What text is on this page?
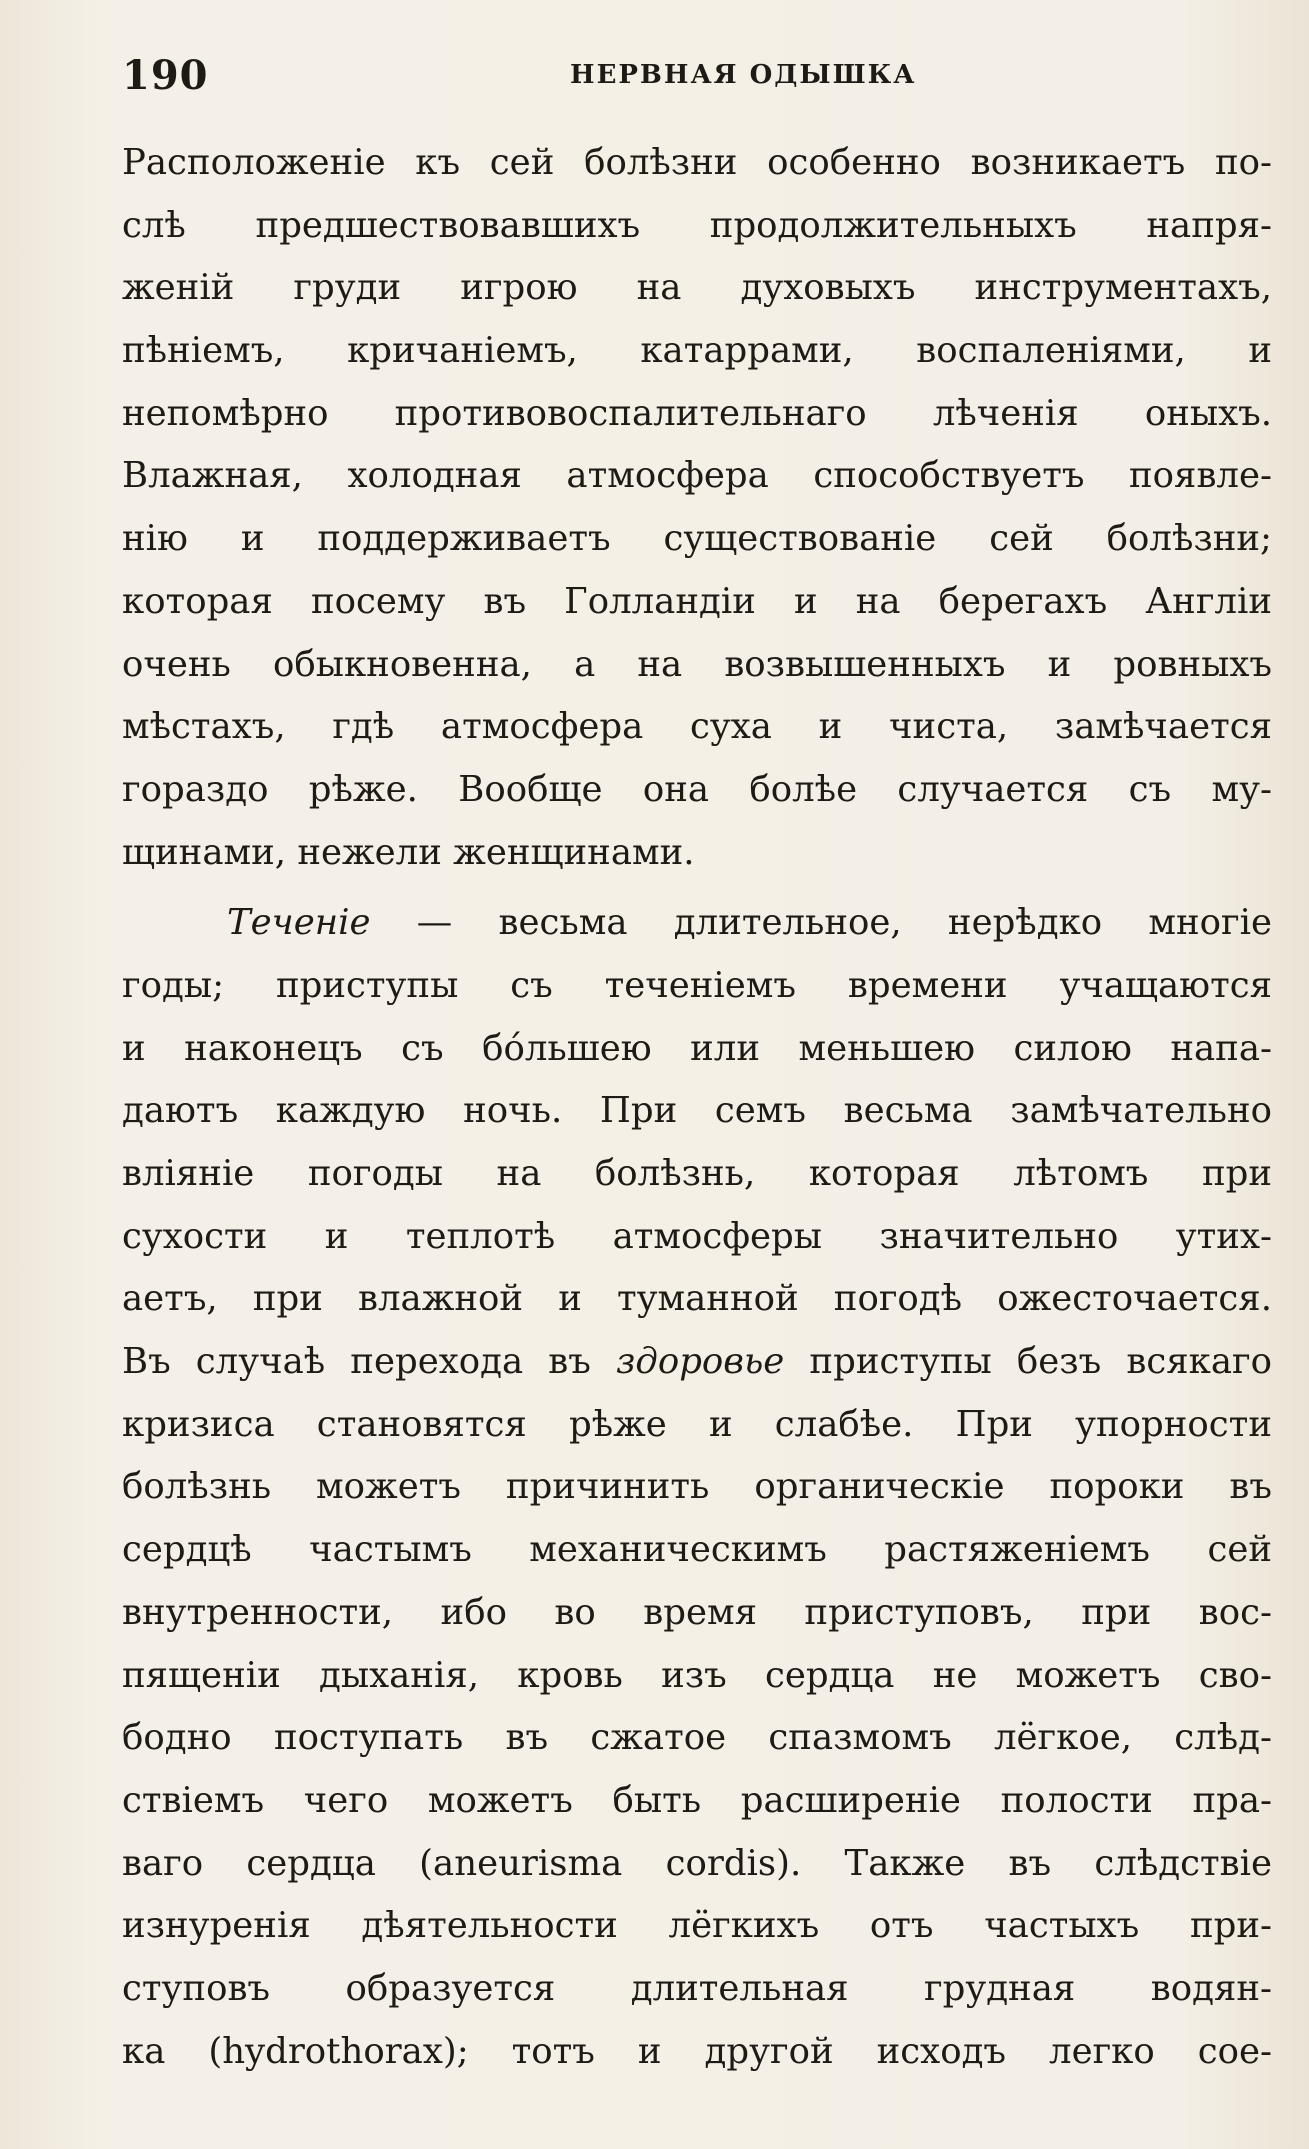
190	НЕРВНАЯ ОДЫШКА
Расположенiе къ сей болѣзни особенно возникаетъ по-
слѣ предшествовавшихъ продолжительныхъ напря-
женiй груди игрою на духовыхъ инструментахъ,
пѣнiемъ, кричанiемъ, катаррами, воспаленiями, и
непомѣрно противовоспалительнаго лѣченiя оныхъ.
Влажная, холодная атмосфера способствуетъ появле-
нiю и поддерживаетъ существованiе сей болѣзни;
которая посему въ Голландiи и на берегахъ Англiи
очень обыкновенна, а на возвышенныхъ и ровныхъ
мѣстахъ, гдѣ атмосфера суха и чиста, замѣчается
гораздо рѣже. Вообще она болѣе случается съ му-
щинами, нежели женщинами.
Теченiе — весьма длительное, нерѣдко многiе
годы; приступы съ теченiемъ времени учащаются
и наконецъ съ бо́льшею или меньшею силою напа-
даютъ каждую ночь. При семъ весьма замѣчательно
влiянiе погоды на болѣзнь, которая лѣтомъ при
сухости и теплотѣ атмосферы значительно утих-
аетъ, при влажной и туманной погодѣ ожесточается.
Въ случаѣ перехода въ здоровье приступы безъ всякаго
кризиса становятся рѣже и слабѣе. При упорности
болѣзнь можетъ причинить органическiе пороки въ
сердцѣ частымъ механическимъ растяженiемъ сей
внутренности, ибо во время приступовъ, при вос-
пященiи дыханiя, кровь изъ сердца не можетъ сво-
бодно поступать въ сжатое спазмомъ лёгкое, слѣд-
ствiемъ чего можетъ быть расширенiе полости пра-
ваго сердца (aneurisma cordis). Также въ слѣдствiе
изнуренiя дѣятельности лёгкихъ отъ частыхъ при-
ступовъ образуется длительная грудная водян-
ка (hydrothorax); тотъ и другой исходъ легко сое-
